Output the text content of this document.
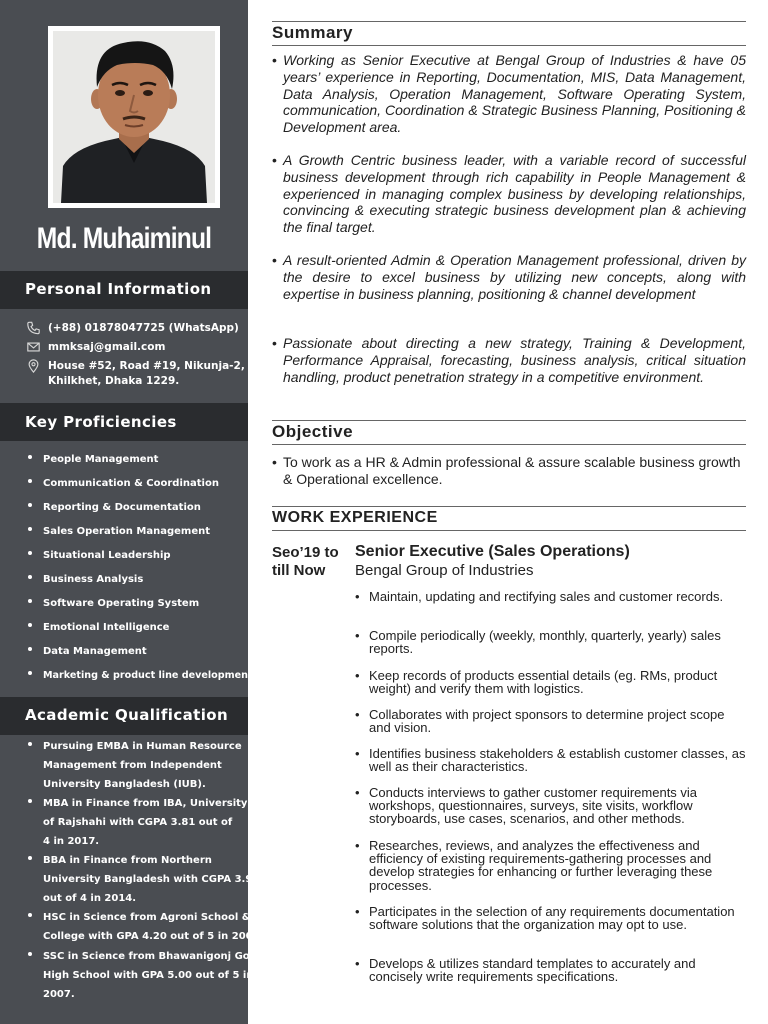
Md. Muhaiminul
Personal Information
(+88) 01878047725 (WhatsApp)
mmksaj@gmail.com
House #52, Road #19, Nikunja-2,
Khilkhet, Dhaka 1229.
Key Proficiencies
People Management
Communication & Coordination
Reporting & Documentation
Sales Operation Management
Situational Leadership
Business Analysis
Software Operating System
Emotional Intelligence
Data Management
Marketing & product line development
Academic Qualification
Pursuing EMBA in Human Resource
Management from Independent
University Bangladesh (IUB).
MBA in Finance from IBA, University
of Rajshahi with CGPA 3.81 out of
4 in 2017.
BBA in Finance from Northern
University Bangladesh with CGPA 3.97
out of 4 in 2014.
HSC in Science from Agroni School &
College with GPA 4.20 out of 5 in 2009.
SSC in Science from Bhawanigonj Govt.
High School with GPA 5.00 out of 5 in
2007.
Summary
• Working as Senior Executive at Bengal Group of Industries & have 05 years’ experience in Reporting, Documentation, MIS, Data Management, Data Analysis, Operation Management, Software Operating System, communication, Coordination & Strategic Business Planning, Positioning & Development area.
• A Growth Centric business leader, with a variable record of successful business development through rich capability in People Management & experienced in managing complex business by developing relationships, convincing & executing strategic business development plan & achieving the final target.
• A result-oriented Admin & Operation Management professional, driven by the desire to excel business by utilizing new concepts, along with expertise in business planning, positioning & channel development
• Passionate about directing a new strategy, Training & Development, Performance Appraisal, forecasting, business analysis, critical situation handling, product penetration strategy in a competitive environment.
Objective
• To work as a HR & Admin professional & assure scalable business growth & Operational excellence.
WORK EXPERIENCE
Seo’19 to
till Now
Senior Executive (Sales Operations)
Bengal Group of Industries
• Maintain, updating and rectifying sales and customer records.
• Compile periodically (weekly, monthly, quarterly, yearly) sales reports.
• Keep records of products essential details (eg. RMs, product weight) and verify them with logistics.
• Collaborates with project sponsors to determine project scope and vision.
• Identifies business stakeholders & establish customer classes, as well as their characteristics.
• Conducts interviews to gather customer requirements via workshops, questionnaires, surveys, site visits, workflow storyboards, use cases, scenarios, and other methods.
• Researches, reviews, and analyzes the effectiveness and efficiency of existing requirements-gathering processes and develop strategies for enhancing or further leveraging these processes.
• Participates in the selection of any requirements documentation software solutions that the organization may opt to use.
• Develops & utilizes standard templates to accurately and concisely write requirements specifications.
